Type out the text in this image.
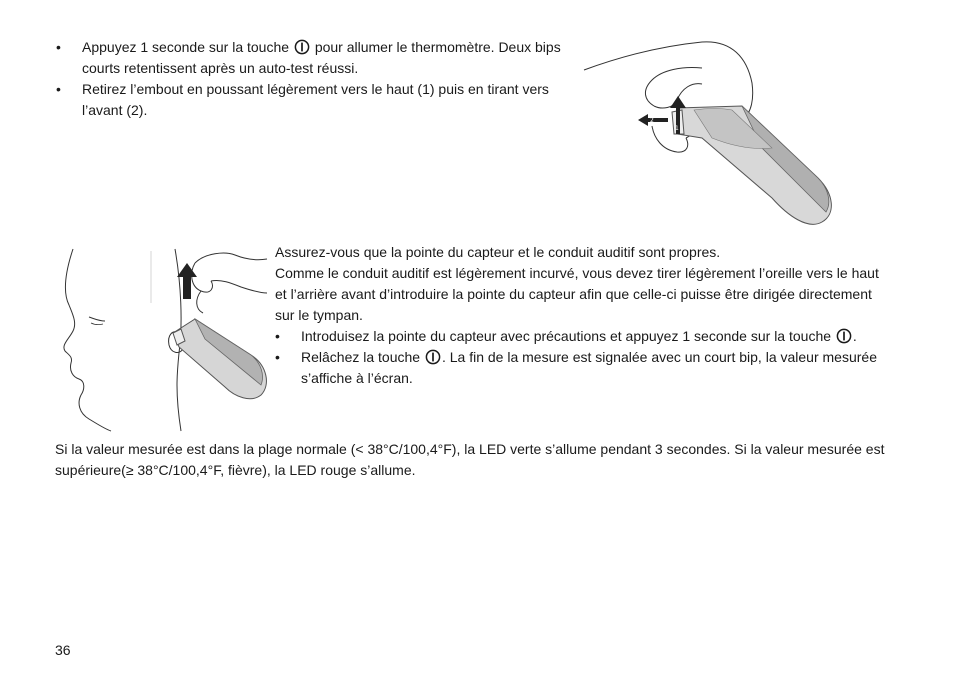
• Appuyez 1 seconde sur la touche pour allumer le thermomètre. Deux bips courts retentissent après un auto-test réussi.
• Retirez l’embout en poussant légèrement vers le haut (1) puis en tirant vers l’avant (2).
1
2

Assurez-vous que la pointe du capteur et le conduit auditif sont propres.

Comme le conduit auditif est légèrement incurvé, vous devez tirer légèrement l’oreille vers le haut et l’arrière avant d’introduire la pointe du capteur afin que celle-ci puisse être dirigée directement sur le tympan.

• Introduisez la pointe du capteur avec précautions et appuyez 1 seconde sur la touche .
• Relâchez la touche . La fin de la mesure est signalée avec un court bip, la valeur mesurée s’affiche à l’écran.

Si la valeur mesurée est dans la plage normale (< 38°C/100,4°F), la LED verte s’allume pendant 3 secondes. Si la valeur mesurée est supérieure(≥ 38°C/100,4°F, fièvre), la LED rouge s’allume.

36
